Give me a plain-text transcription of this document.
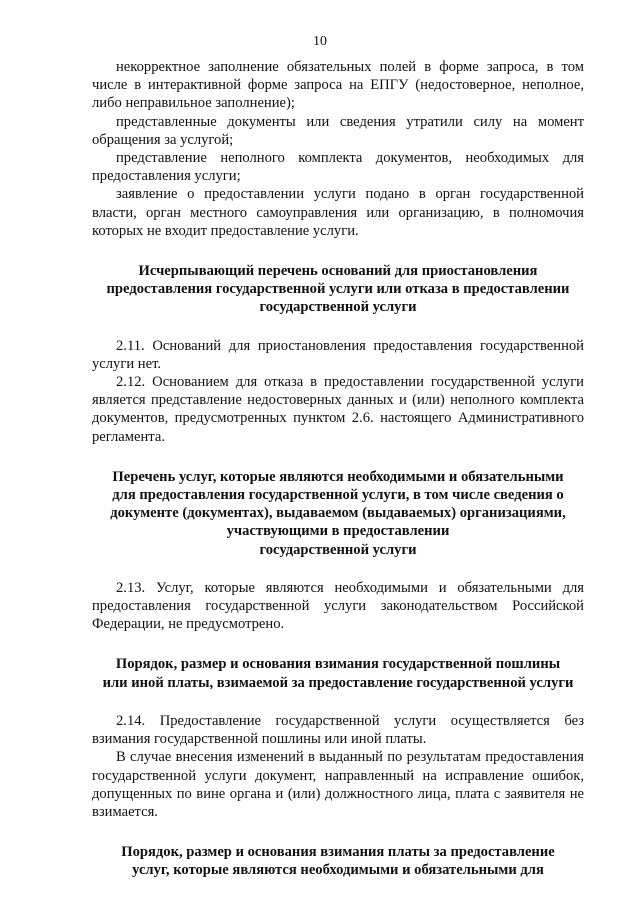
10

некорректное заполнение обязательных полей в форме запроса, в том числе в интерактивной форме запроса на ЕПГУ (недостоверное, неполное, либо неправильное заполнение);

представленные документы или сведения утратили силу на момент обращения за услугой;

представление неполного комплекта документов, необходимых для предоставления услуги;

заявление о предоставлении услуги подано в орган государственной власти, орган местного самоуправления или организацию, в полномочия которых не входит предоставление услуги.

Исчерпывающий перечень оснований для приостановления предоставления государственной услуги или отказа в предоставлении государственной услуги

2.11. Оснований для приостановления предоставления государственной услуги нет.

2.12. Основанием для отказа в предоставлении государственной услуги является представление недостоверных данных и (или) неполного комплекта документов, предусмотренных пунктом 2.6. настоящего Административного регламента.

Перечень услуг, которые являются необходимыми и обязательными

для предоставления государственной услуги, в том числе сведения о

документе (документах), выдаваемом (выдаваемых) организациями,

участвующими в предоставлении

государственной услуги

2.13. Услуг, которые являются необходимыми и обязательными для предоставления государственной услуги законодательством Российской Федерации, не предусмотрено.

Порядок, размер и основания взимания государственной пошлины

или иной платы, взимаемой за предоставление государственной услуги

2.14. Предоставление государственной услуги осуществляется без взимания государственной пошлины или иной платы.

В случае внесения изменений в выданный по результатам предоставления государственной услуги документ, направленный на исправление ошибок, допущенных по вине органа и (или) должностного лица, плата с заявителя не взимается.

Порядок, размер и основания взимания платы за предоставление

услуг, которые являются необходимыми и обязательными для
